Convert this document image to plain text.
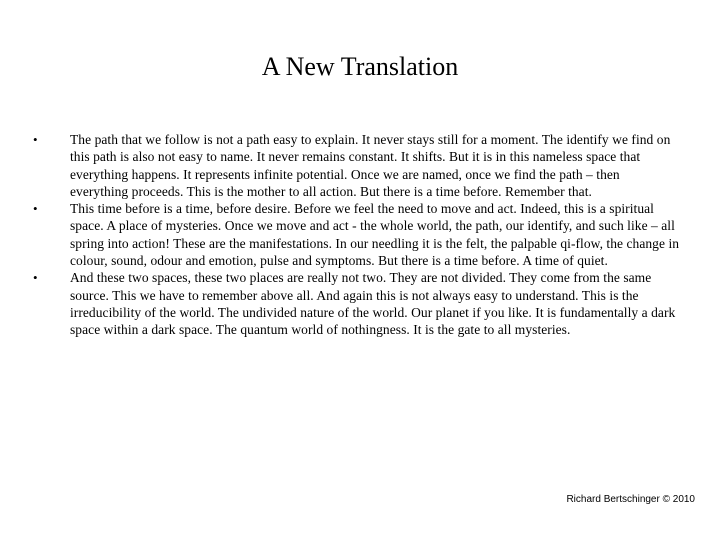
A New Translation
• The path that we follow is not a path easy to explain. It never stays still for a moment. The identify we find on this path is also not easy to name. It never remains constant. It shifts. But it is in this nameless space that everything happens. It represents infinite potential. Once we are named, once we find the path – then everything proceeds. This is the mother to all action. But there is a time before. Remember that.
• This time before is a time, before desire. Before we feel the need to move and act. Indeed, this is a spiritual space. A place of mysteries. Once we move and act - the whole world, the path, our identify, and such like – all spring into action! These are the manifestations. In our needling it is the felt, the palpable qi-flow, the change in colour, sound, odour and emotion, pulse and symptoms. But there is a time before. A time of quiet.
• And these two spaces, these two places are really not two. They are not divided. They come from the same source. This we have to remember above all. And again this is not always easy to understand. This is the irreducibility of the world. The undivided nature of the world. Our planet if you like. It is fundamentally a dark space within a dark space. The quantum world of nothingness. It is the gate to all mysteries.
Richard Bertschinger © 2010
